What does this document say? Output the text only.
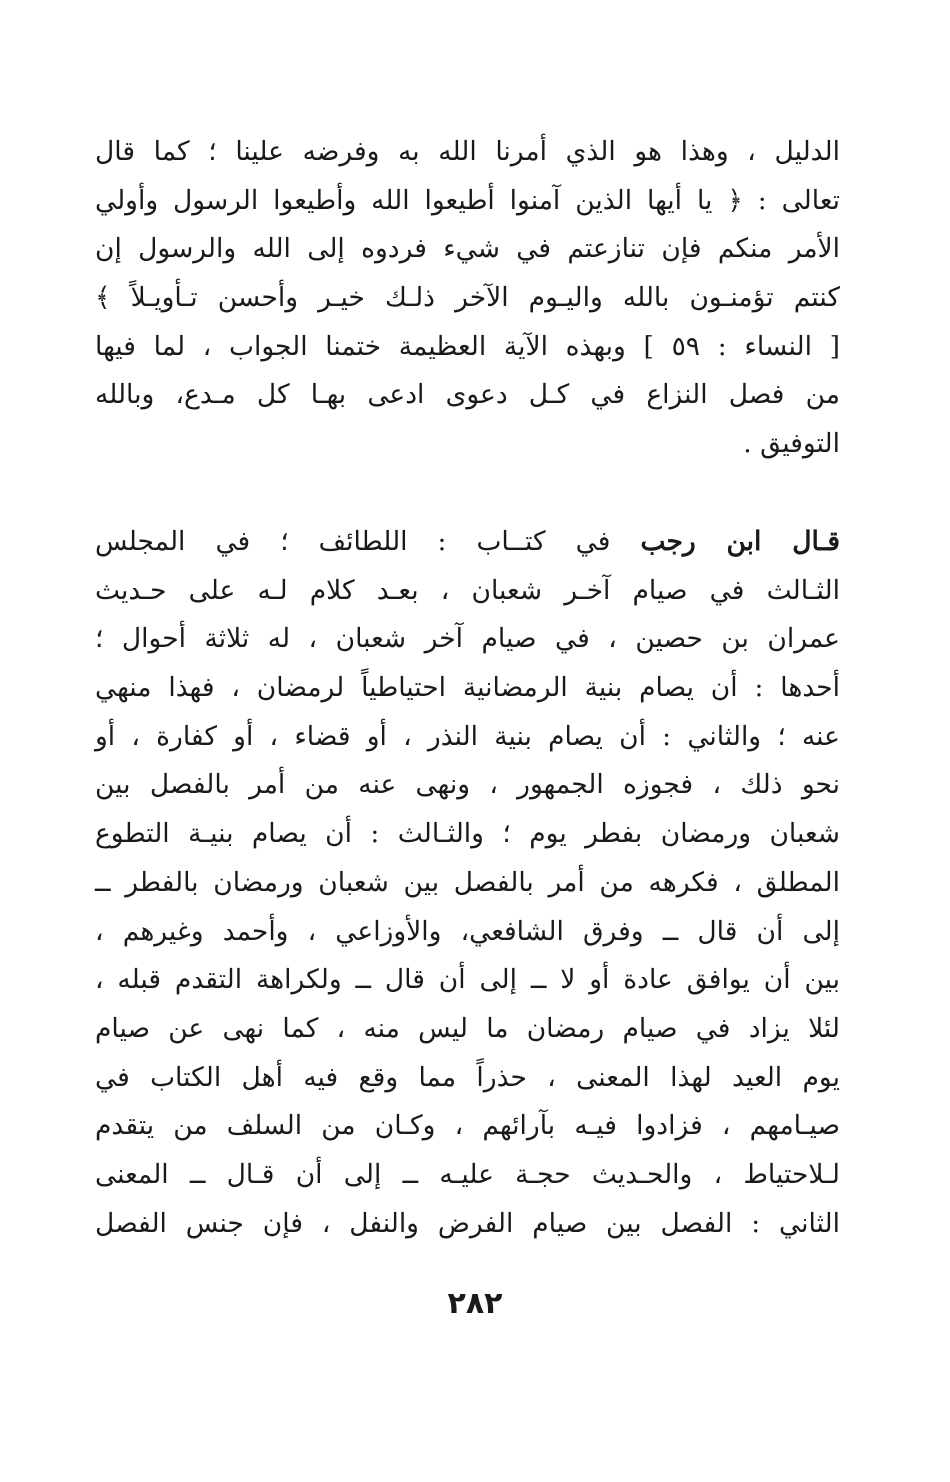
الدليل ، وهذا هو الذي أمرنا الله به وفرضه علينا ؛ كما قال
تعالى : ﴿ يا أيها الذين آمنوا أطيعوا الله وأطيعوا الرسول وأولي
الأمر منكم فإن تنازعتم في شيء فردوه إلى الله والرسول إن
كنتم تؤمنـون بالله واليـوم الآخر ذلـك خيـر وأحسن تـأويـلاً ﴾
[ النساء : ٥٩ ] وبهذه الآية العظيمة ختمنا الجواب ، لما فيها
من فصل النزاع في كـل دعوى ادعى بهـا كل مـدع، وبالله
التوفيق .
قـال ابن رجب في كتــاب : اللطائف ؛ في المجلس
الثـالث في صيام آخـر شعبان ، بعـد كلام لـه على حـديث
عمران بن حصين ، في صيام آخر شعبان ، له ثلاثة أحوال ؛
أحدها : أن يصام بنية الرمضانية احتياطياً لرمضان ، فهذا منهي
عنه ؛ والثاني : أن يصام بنية النذر ، أو قضاء ، أو كفارة ، أو
نحو ذلك ، فجوزه الجمهور ، ونهى عنه من أمر بالفصل بين
شعبان ورمضان بفطر يوم ؛ والثـالث : أن يصام بنيـة التطوع
المطلق ، فكرهه من أمر بالفصل بين شعبان ورمضان بالفطر ــ
إلى أن قال ــ وفرق الشافعي، والأوزاعي ، وأحمد وغيرهم ،
بين أن يوافق عادة أو لا ــ إلى أن قال ــ ولكراهة التقدم قبله ،
لئلا يزاد في صيام رمضان ما ليس منه ، كما نهى عن صيام
يوم العيد لهذا المعنى ، حذراً مما وقع فيه أهل الكتاب في
صيـامهم ، فزادوا فيـه بآرائهم ، وكـان من السلف من يتقدم
لـلاحتياط ، والحـديث حجـة عليـه ــ إلى أن قـال ــ المعنى
الثاني : الفصل بين صيام الفرض والنفل ، فإن جنس الفصل
٢٨٢
